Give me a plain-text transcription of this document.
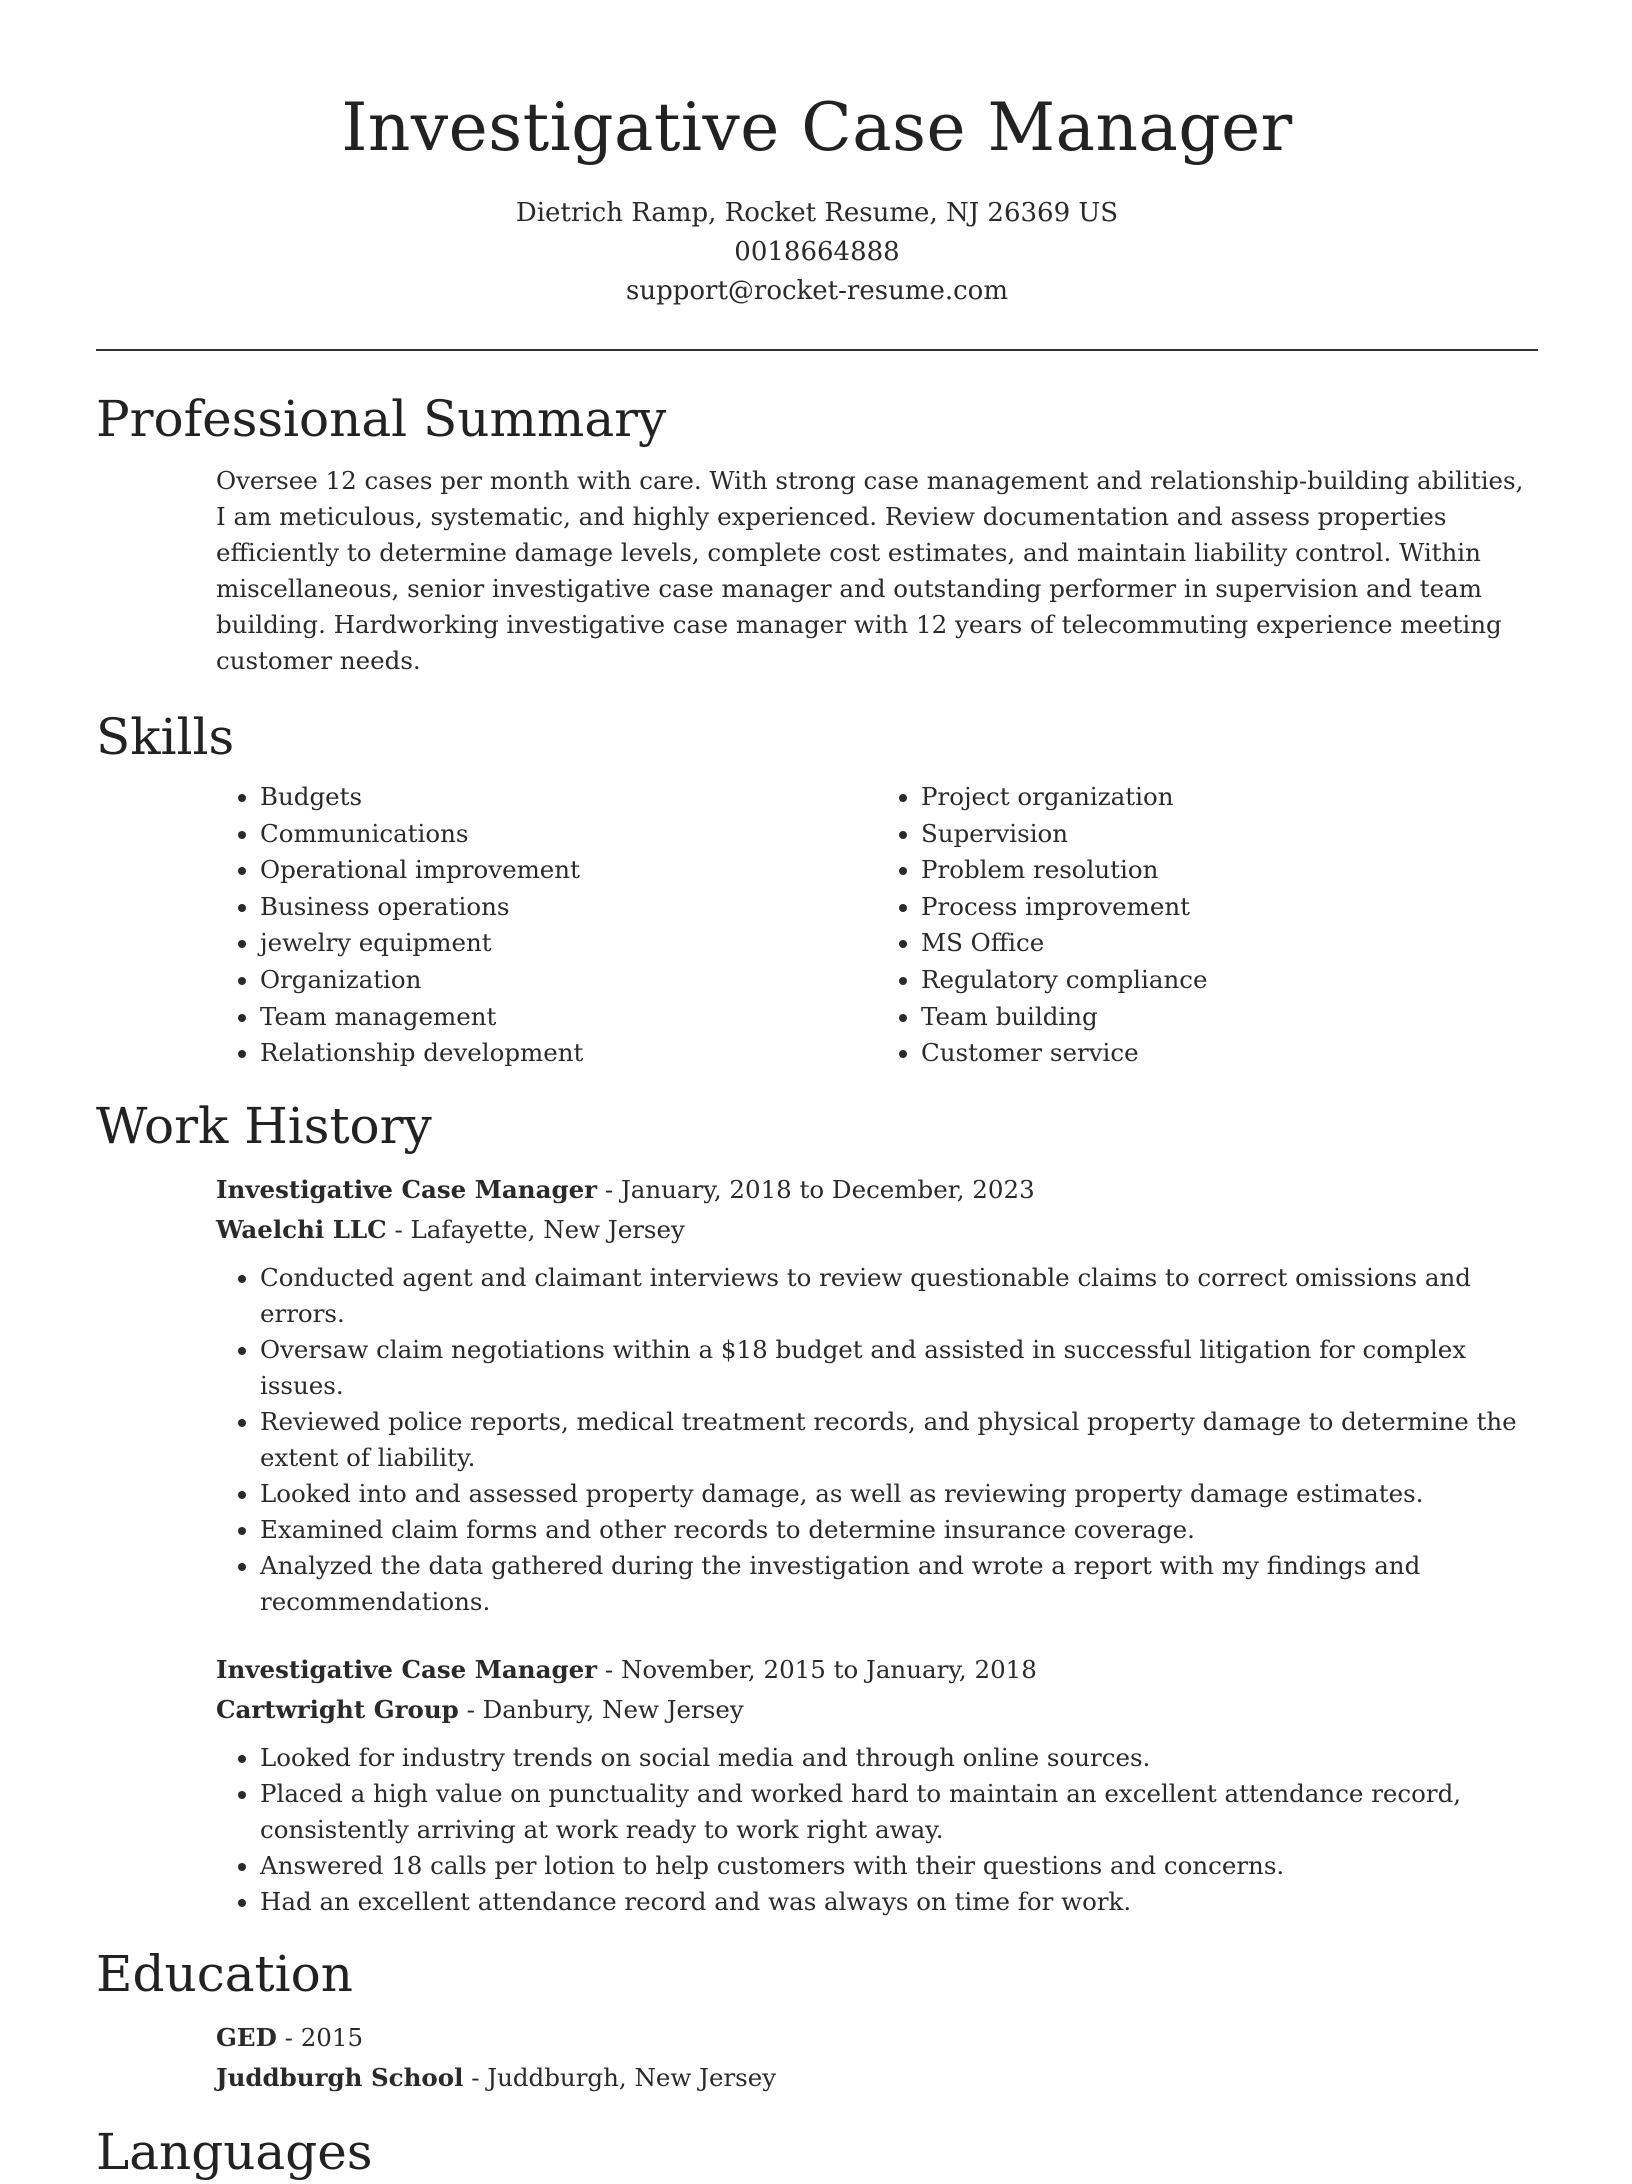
Investigative Case Manager
Dietrich Ramp, Rocket Resume, NJ 26369 US
0018664888
support@rocket-resume.com
Professional Summary

Oversee 12 cases per month with care. With strong case management and relationship-building abilities, I am meticulous, systematic, and highly experienced. Review documentation and assess properties efficiently to determine damage levels, complete cost estimates, and maintain liability control. Within miscellaneous, senior investigative case manager and outstanding performer in supervision and team building. Hardworking investigative case manager with 12 years of telecommuting experience meeting customer needs.

Skills
• Budgets
• Communications
• Operational improvement
• Business operations
• jewelry equipment
• Organization
• Team management
• Relationship development
• Project organization
• Supervision
• Problem resolution
• Process improvement
• MS Office
• Regulatory compliance
• Team building
• Customer service
Work History
Investigative Case Manager - January, 2018 to December, 2023
Waelchi LLC - Lafayette, New Jersey
• Conducted agent and claimant interviews to review questionable claims to correct omissions and errors.
• Oversaw claim negotiations within a $18 budget and assisted in successful litigation for complex issues.
• Reviewed police reports, medical treatment records, and physical property damage to determine the extent of liability.
• Looked into and assessed property damage, as well as reviewing property damage estimates.
• Examined claim forms and other records to determine insurance coverage.
• Analyzed the data gathered during the investigation and wrote a report with my findings and recommendations.
Investigative Case Manager - November, 2015 to January, 2018
Cartwright Group - Danbury, New Jersey
• Looked for industry trends on social media and through online sources.
• Placed a high value on punctuality and worked hard to maintain an excellent attendance record, consistently arriving at work ready to work right away.
• Answered 18 calls per lotion to help customers with their questions and concerns.
• Had an excellent attendance record and was always on time for work.
Education
GED - 2015
Juddburgh School - Juddburgh, New Jersey
Languages
